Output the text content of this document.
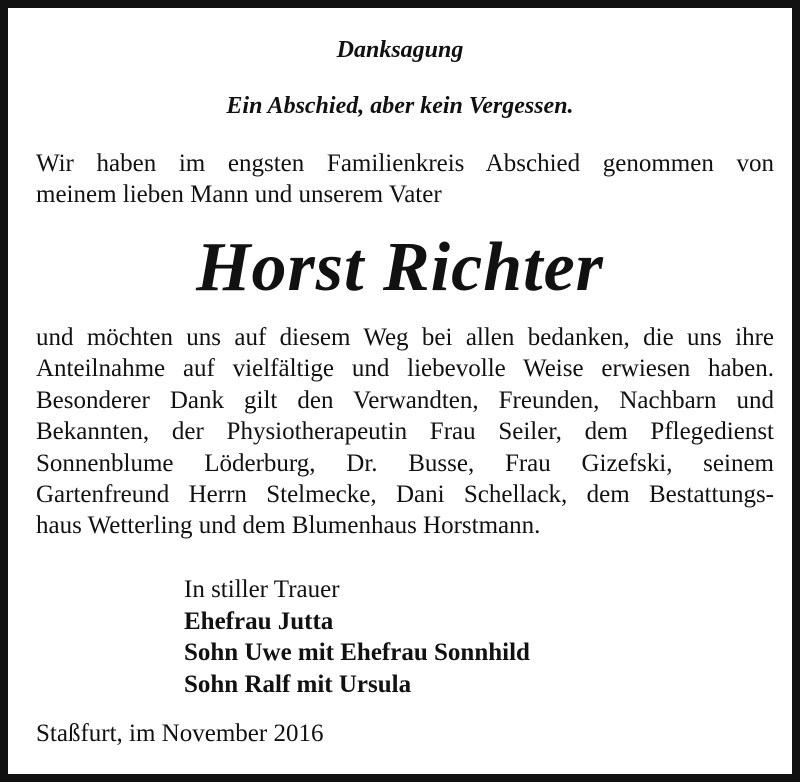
Danksagung
Ein Abschied, aber kein Vergessen.
Wir haben im engsten Familienkreis Abschied genommen von
meinem lieben Mann und unserem Vater
Horst Richter
und möchten uns auf diesem Weg bei allen bedanken, die uns ihre
Anteilnahme auf vielfältige und liebevolle Weise erwiesen haben.
Besonderer Dank gilt den Verwandten, Freunden, Nachbarn und
Bekannten, der Physiotherapeutin Frau Seiler, dem Pflegedienst
Sonnenblume Löderburg, Dr. Busse, Frau Gizefski, seinem
Gartenfreund Herrn Stelmecke, Dani Schellack, dem Bestattungs-
haus Wetterling und dem Blumenhaus Horstmann.
In stiller Trauer
Ehefrau Jutta
Sohn Uwe mit Ehefrau Sonnhild
Sohn Ralf mit Ursula
Staßfurt, im November 2016
